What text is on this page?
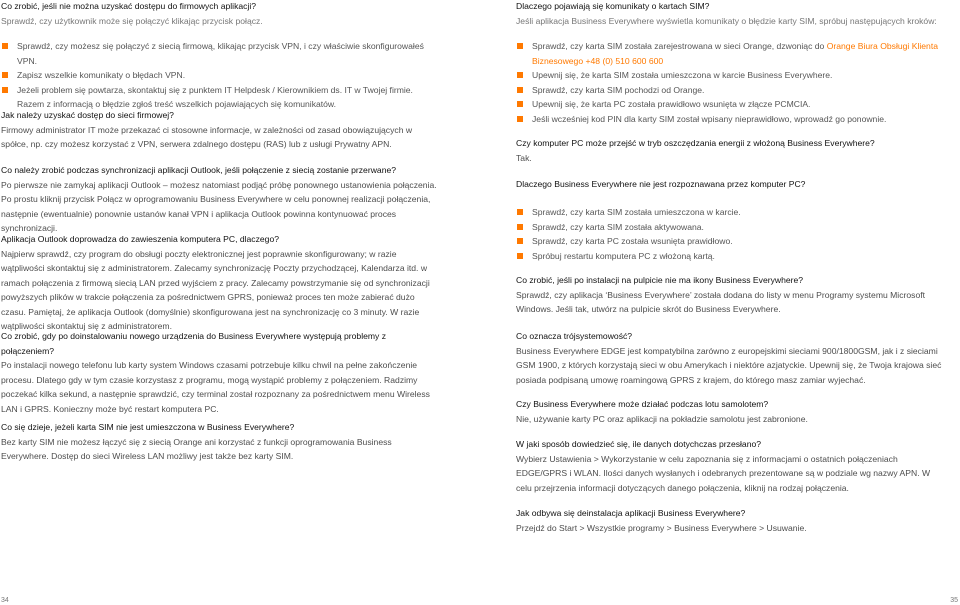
Co zrobić, jeśli nie można uzyskać dostępu do firmowych aplikacji?

Sprawdź, czy użytkownik może się połączyć klikając przycisk połącz.

Sprawdź, czy możesz się połączyć z siecią firmową, klikając przycisk VPN, i czy właściwie skonfigurowałeś VPN.
Zapisz wszelkie komunikaty o błędach VPN.
Jeżeli problem się powtarza, skontaktuj się z punktem IT Helpdesk / Kierownikiem ds. IT w Twojej firmie. Razem z informacją o błędzie zgłoś treść wszelkich pojawiających się komunikatów.

Jak należy uzyskać dostęp do sieci firmowej?

Firmowy administrator IT może przekazać ci stosowne informacje, w zależności od zasad obowiązujących w spółce, np. czy możesz korzystać z VPN, serwera zdalnego dostępu (RAS) lub z usługi Prywatny APN.

Co należy zrobić podczas synchronizacji aplikacji Outlook, jeśli połączenie z siecią zostanie przerwane?

Po pierwsze nie zamykaj aplikacji Outlook – możesz natomiast podjąć próbę ponownego ustanowienia połączenia. Po prostu kliknij przycisk Połącz w oprogramowaniu Business Everywhere w celu ponownej realizacji połączenia, następnie (ewentualnie) ponownie ustanów kanał VPN i aplikacja Outlook powinna kontynuować proces synchronizacji.

Aplikacja Outlook doprowadza do zawieszenia komputera PC, dlaczego?

Najpierw sprawdź, czy program do obsługi poczty elektronicznej jest poprawnie skonfigurowany; w razie wątpliwości skontaktuj się z administratorem. Zalecamy synchronizację Poczty przychodzącej, Kalendarza itd. w ramach połączenia z firmową siecią LAN przed wyjściem z pracy. Zalecamy powstrzymanie się od synchronizacji powyższych plików w trakcie połączenia za pośrednictwem GPRS, ponieważ proces ten może zabierać dużo czasu. Pamiętaj, że aplikacja Outlook (domyślnie) skonfigurowana jest na synchronizację co 3 minuty. W razie wątpliwości skontaktuj się z administratorem.

Co zrobić, gdy po doinstalowaniu nowego urządzenia do Business Everywhere występują problemy z połączeniem?

Po instalacji nowego telefonu lub karty system Windows czasami potrzebuje kilku chwil na pełne zakończenie procesu. Dlatego gdy w tym czasie korzystasz z programu, mogą wystąpić problemy z połączeniem. Radzimy poczekać kilka sekund, a następnie sprawdzić, czy terminal został rozpoznany za pośrednictwem menu Wireless LAN i GPRS. Konieczny może być restart komputera PC.

Co się dzieje, jeżeli karta SIM nie jest umieszczona w Business Everywhere?

Bez karty SIM nie możesz łączyć się z siecią Orange ani korzystać z funkcji oprogramowania Business Everywhere. Dostęp do sieci Wireless LAN możliwy jest także bez karty SIM.

34

Dlaczego pojawiają się komunikaty o kartach SIM?

Jeśli aplikacja Business Everywhere wyświetla komunikaty o błędzie karty SIM, spróbuj następujących kroków:

Sprawdź, czy karta SIM została zarejestrowana w sieci Orange, dzwoniąc do Orange Biura Obsługi Klienta Biznesowego +48 (0) 510 600 600
Upewnij się, że karta SIM została umieszczona w karcie Business Everywhere.
Sprawdź, czy karta SIM pochodzi od Orange.
Upewnij się, że karta PC została prawidłowo wsunięta w złącze PCMCIA.
Jeśli wcześniej kod PIN dla karty SIM został wpisany nieprawidłowo, wprowadź go ponownie.

Czy komputer PC może przejść w tryb oszczędzania energii z włożoną Business Everywhere?

Tak.

Dlaczego Business Everywhere nie jest rozpoznawana przez komputer PC?

Sprawdź, czy karta SIM została umieszczona w karcie.
Sprawdź, czy karta SIM została aktywowana.
Sprawdź, czy karta PC została wsunięta prawidłowo.
Spróbuj restartu komputera PC z włożoną kartą.

Co zrobić, jeśli po instalacji na pulpicie nie ma ikony Business Everywhere?

Sprawdź, czy aplikacja ‘Business Everywhere’ została dodana do listy w menu Programy systemu Microsoft Windows. Jeśli tak, utwórz na pulpicie skrót do Business Everywhere.

Co oznacza trójsystemowość?

Business Everywhere EDGE jest kompatybilna zarówno z europejskimi sieciami 900/1800GSM, jak i z sieciami GSM 1900, z których korzystają sieci w obu Amerykach i niektóre azjatyckie. Upewnij się, że Twoja krajowa sieć posiada podpisaną umowę roamingową GPRS z krajem, do którego masz zamiar wyjechać.

Czy Business Everywhere może działać podczas lotu samolotem?

Nie, używanie karty PC oraz aplikacji na pokładzie samolotu jest zabronione.

W jaki sposób dowiedzieć się, ile danych dotychczas przesłano?

Wybierz Ustawienia > Wykorzystanie w celu zapoznania się z informacjami o ostatnich połączeniach EDGE/GPRS i WLAN. Ilości danych wysłanych i odebranych prezentowane są w podziale wg nazwy APN. W celu przejrzenia informacji dotyczących danego połączenia, kliknij na rodzaj połączenia.

Jak odbywa się deinstalacja aplikacji Business Everywhere?

Przejdź do Start > Wszystkie programy > Business Everywhere > Usuwanie.

35
